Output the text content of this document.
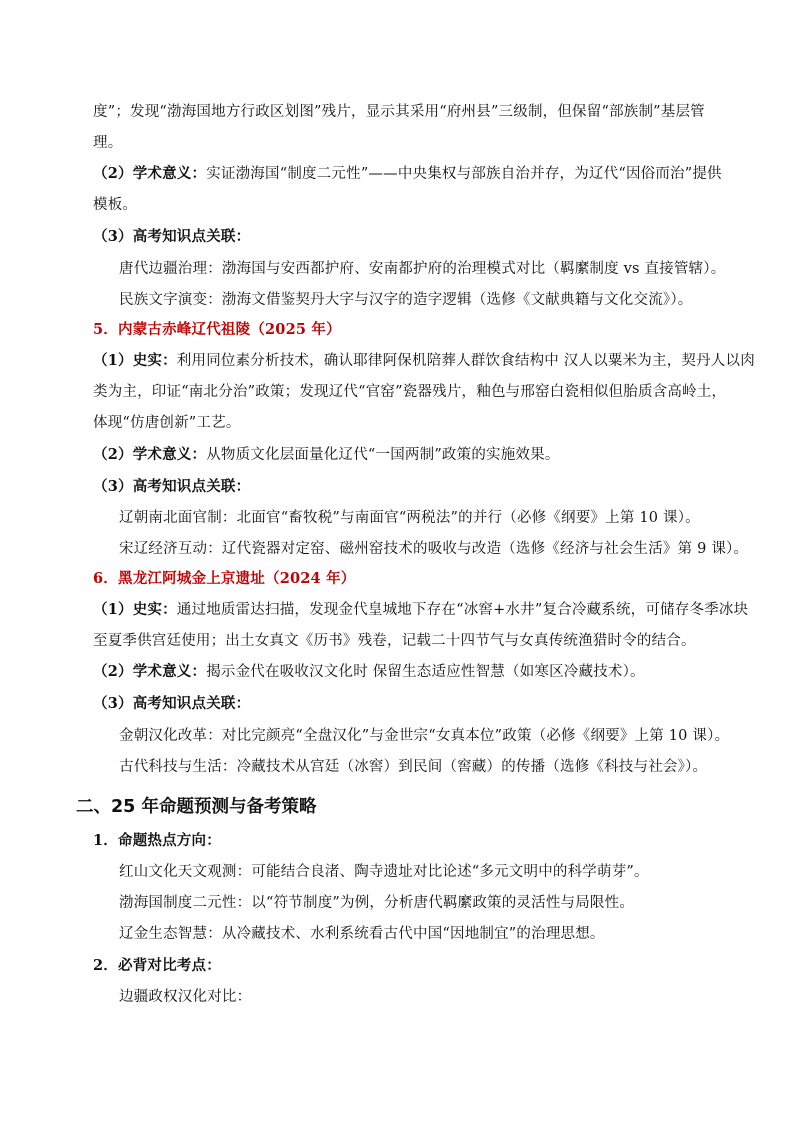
度”；发现“渤海国地方行政区划图”残片，显示其采用“府州县”三级制，但保留“部族制”基层管
理。
（2）学术意义：实证渤海国“制度二元性”——中央集权与部族自治并存，为辽代“因俗而治”提供
模板。
（3）高考知识点关联：
唐代边疆治理：渤海国与安西都护府、安南都护府的治理模式对比（羁縻制度 vs 直接管辖）。
民族文字演变：渤海文借鉴契丹大字与汉字的造字逻辑（选修《文献典籍与文化交流》）。
5．内蒙古赤峰辽代祖陵（2025 年）
（1）史实：利用同位素分析技术，确认耶律阿保机陪葬人群饮食结构中 汉人以粟米为主，契丹人以肉
类为主，印证“南北分治”政策；发现辽代“官窑”瓷器残片，釉色与邢窑白瓷相似但胎质含高岭土，
体现“仿唐创新”工艺。
（2）学术意义：从物质文化层面量化辽代“一国两制”政策的实施效果。
（3）高考知识点关联：
辽朝南北面官制：北面官“畜牧税”与南面官“两税法”的并行（必修《纲要》上第 10 课）。
宋辽经济互动：辽代瓷器对定窑、磁州窑技术的吸收与改造（选修《经济与社会生活》第 9 课）。
6．黑龙江阿城金上京遗址（2024 年）
（1）史实：通过地质雷达扫描，发现金代皇城地下存在“冰窖+水井”复合冷藏系统，可储存冬季冰块
至夏季供宫廷使用；出土女真文《历书》残卷，记载二十四节气与女真传统渔猎时令的结合。
（2）学术意义：揭示金代在吸收汉文化时 保留生态适应性智慧（如寒区冷藏技术）。
（3）高考知识点关联：
金朝汉化改革：对比完颜亮“全盘汉化”与金世宗“女真本位”政策（必修《纲要》上第 10 课）。
古代科技与生活：冷藏技术从宫廷（冰窖）到民间（窖藏）的传播（选修《科技与社会》）。
二、25 年命题预测与备考策略
1．命题热点方向：
红山文化天文观测：可能结合良渚、陶寺遗址对比论述“多元文明中的科学萌芽”。
渤海国制度二元性：以“符节制度”为例，分析唐代羁縻政策的灵活性与局限性。
辽金生态智慧：从冷藏技术、水利系统看古代中国“因地制宜”的治理思想。
2．必背对比考点：
边疆政权汉化对比：
